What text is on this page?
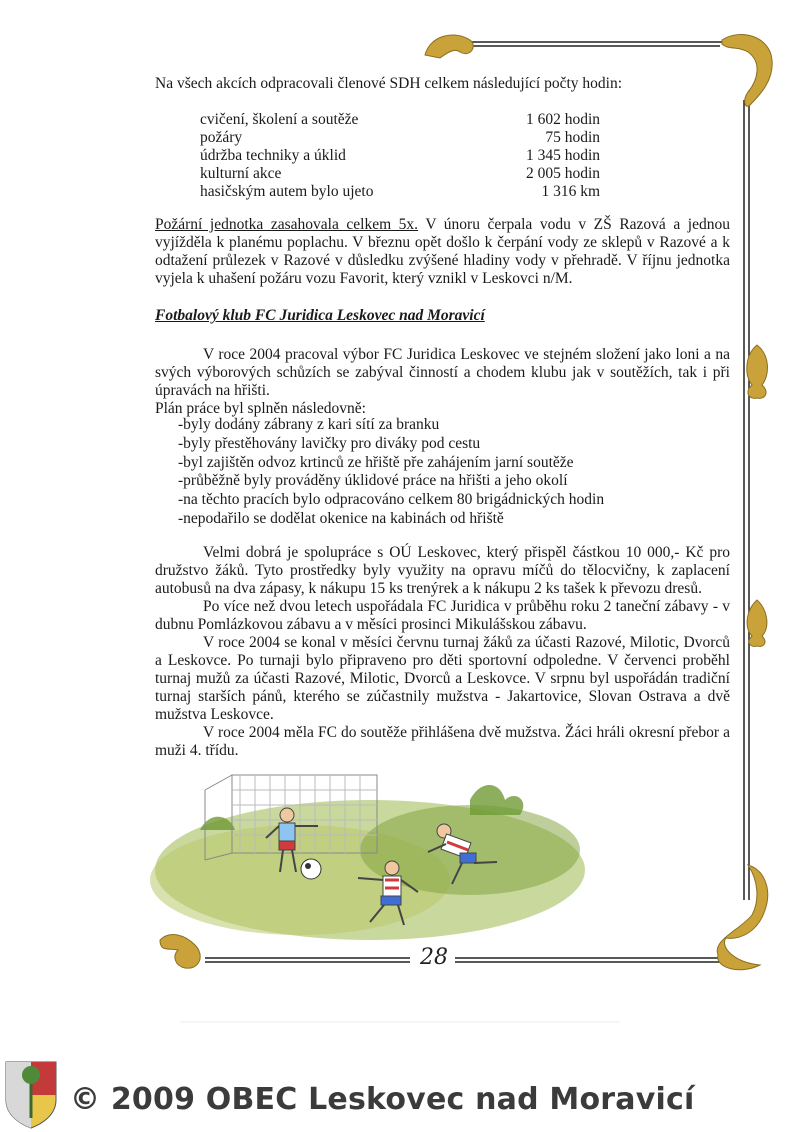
Na všech akcích odpracovali členové SDH celkem následující počty hodin:
cvičení, školení a soutěže	1 602 hodin
požáry	75 hodin
údržba techniky a úklid	1 345 hodin
kulturní akce	2 005 hodin
hasičským autem bylo ujeto	1 316 km
Požární jednotka zasahovala celkem 5x. V únoru čerpala vodu v ZŠ Razová a jednou vyjížděla k planému poplachu. V březnu opět došlo k čerpání vody ze sklepů v Razové a k odtažení průlezek v Razové v důsledku zvýšené hladiny vody v přehradě. V říjnu jednotka vyjela k uhašení požáru vozu Favorit, který vznikl v Leskovci n/M.
Fotbalový klub FC Juridica Leskovec nad Moravicí
V roce 2004 pracoval výbor FC Juridica Leskovec ve stejném složení jako loni a na svých výborových schůzích se zabýval činností a chodem klubu jak v soutěžích, tak i při úpravách na hřišti.
Plán práce byl splněn následovně:
-byly dodány zábrany z kari sítí za branku
-byly přestěhovány lavičky pro diváky pod cestu
-byl zajištěn odvoz krtinců ze hřiště pře zahájením jarní soutěže
-průběžně byly prováděny úklidové práce na hřišti a jeho okolí
-na těchto pracích bylo odpracováno celkem 80 brigádnických hodin
-nepodařilo se dodělat okenice na kabinách od hřiště

Velmi dobrá je spolupráce s OÚ Leskovec, který přispěl částkou 10 000,- Kč pro družstvo žáků. Tyto prostředky byly využity na opravu míčů do tělocvičny, k zaplacení autobusů na dva zápasy, k nákupu 15 ks trenýrek a k nákupu 2 ks tašek k převozu dresů.

Po více než dvou letech uspořádala FC Juridica v průběhu roku 2 taneční zábavy - v dubnu Pomlázkovou zábavu a v měsíci prosinci Mikulášskou zábavu.

V roce 2004 se konal v měsíci červnu turnaj žáků za účasti Razové, Milotic, Dvorců a Leskovce. Po turnaji bylo připraveno pro děti sportovní odpoledne. V červenci proběhl turnaj mužů za účasti Razové, Milotic, Dvorců a Leskovce. V srpnu byl uspořádán tradiční turnaj starších pánů, kterého se zúčastnily mužstva - Jakartovice, Slovan Ostrava a dvě mužstva Leskovce.

V roce 2004 měla FC do soutěže přihlášena dvě mužstva. Žáci hráli okresní přebor a muži 4. třídu.

28
© 2009 OBEC Leskovec nad Moravicí
